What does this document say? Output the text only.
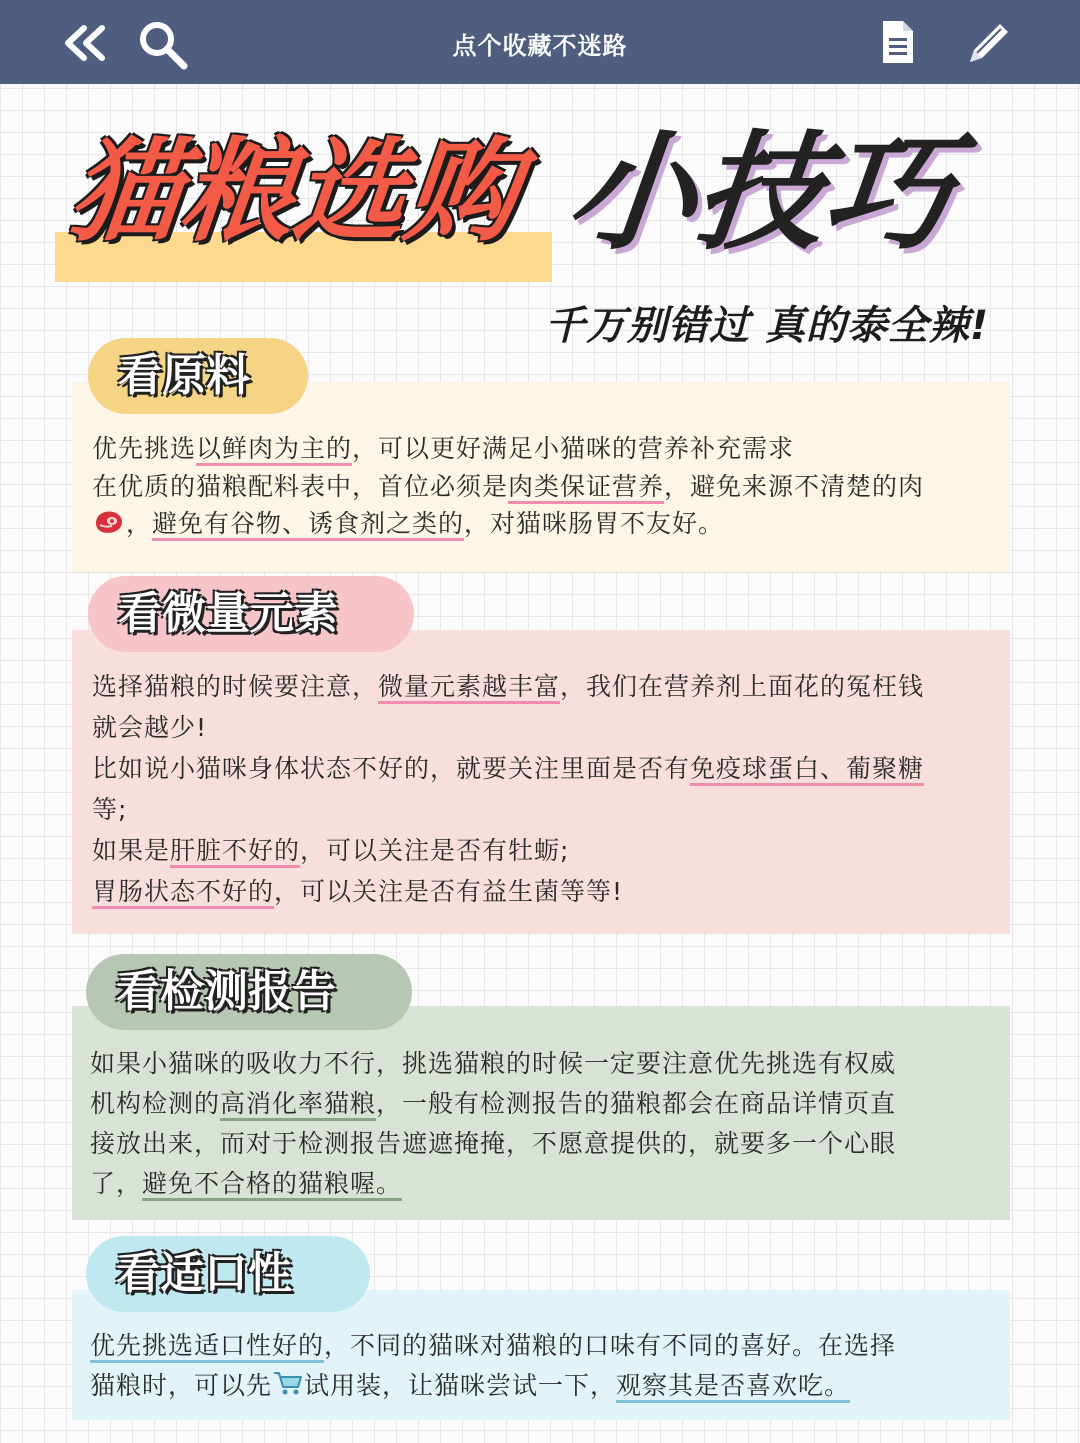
点个收藏不迷路
猫粮选购 小技巧
千万别错过 真的泰全辣!
看原料

优先挑选以鲜肉为主的，可以更好满足小猫咪的营养补充需求

在优质的猫粮配料表中，首位必须是肉类保证营养，避免来源不清楚的肉

，避免有谷物、诱食剂之类的，对猫咪肠胃不友好。

看微量元素

选择猫粮的时候要注意，微量元素越丰富，我们在营养剂上面花的冤枉钱

就会越少!

比如说小猫咪身体状态不好的，就要关注里面是否有免疫球蛋白、葡聚糖

等;

如果是肝脏不好的，可以关注是否有牡蛎;

胃肠状态不好的，可以关注是否有益生菌等等!

看检测报告

如果小猫咪的吸收力不行，挑选猫粮的时候一定要注意优先挑选有权威

机构检测的高消化率猫粮，一般有检测报告的猫粮都会在商品详情页直

接放出来，而对于检测报告遮遮掩掩，不愿意提供的，就要多一个心眼

了，避免不合格的猫粮喔。

看适口性

优先挑选适口性好的，不同的猫咪对猫粮的口味有不同的喜好。在选择

猫粮时，可以先 试用装，让猫咪尝试一下，观察其是否喜欢吃。
